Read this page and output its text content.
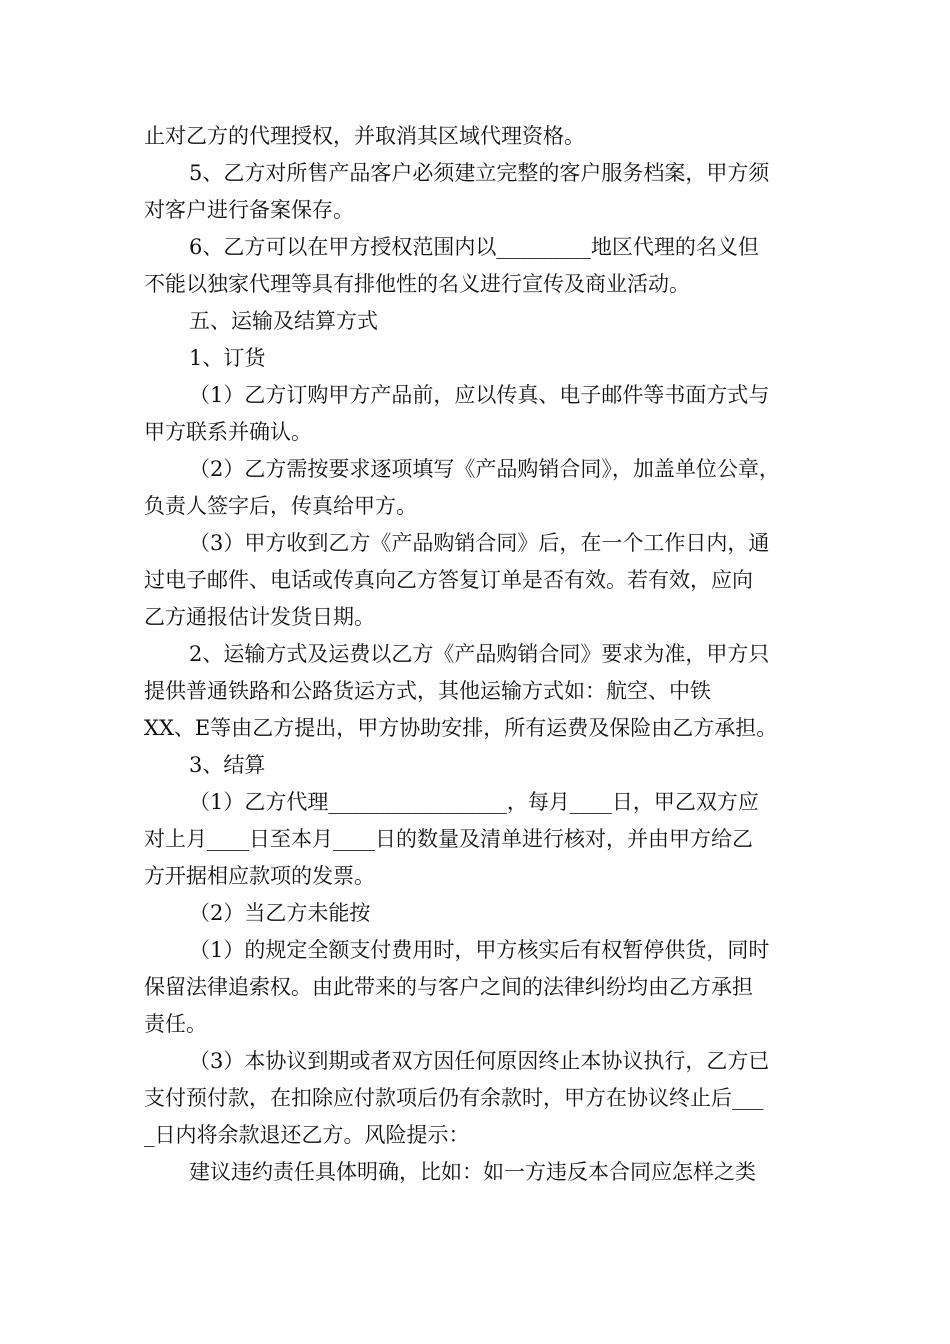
止对乙方的代理授权，并取消其区域代理资格。
5、乙方对所售产品客户必须建立完整的客户服务档案，甲方须
对客户进行备案保存。
6、乙方可以在甲方授权范围内以_________地区代理的名义但
不能以独家代理等具有排他性的名义进行宣传及商业活动。
五、运输及结算方式
1、订货
（1）乙方订购甲方产品前，应以传真、电子邮件等书面方式与
甲方联系并确认。
（2）乙方需按要求逐项填写《产品购销合同》，加盖单位公章，
负责人签字后，传真给甲方。
（3）甲方收到乙方《产品购销合同》后，在一个工作日内，通
过电子邮件、电话或传真向乙方答复订单是否有效。若有效，应向
乙方通报估计发货日期。
2、运输方式及运费以乙方《产品购销合同》要求为准，甲方只
提供普通铁路和公路货运方式，其他运输方式如：航空、中铁
XX、E等由乙方提出，甲方协助安排，所有运费及保险由乙方承担。
3、结算
（1）乙方代理_________________，每月____日，甲乙双方应
对上月____日至本月____日的数量及清单进行核对，并由甲方给乙
方开据相应款项的发票。
（2）当乙方未能按
（1）的规定全额支付费用时，甲方核实后有权暂停供货，同时
保留法律追索权。由此带来的与客户之间的法律纠纷均由乙方承担
责任。
（3）本协议到期或者双方因任何原因终止本协议执行，乙方已
支付预付款，在扣除应付款项后仍有余款时，甲方在协议终止后___
_日内将余款退还乙方。风险提示：
建议违约责任具体明确，比如：如一方违反本合同应怎样之类
